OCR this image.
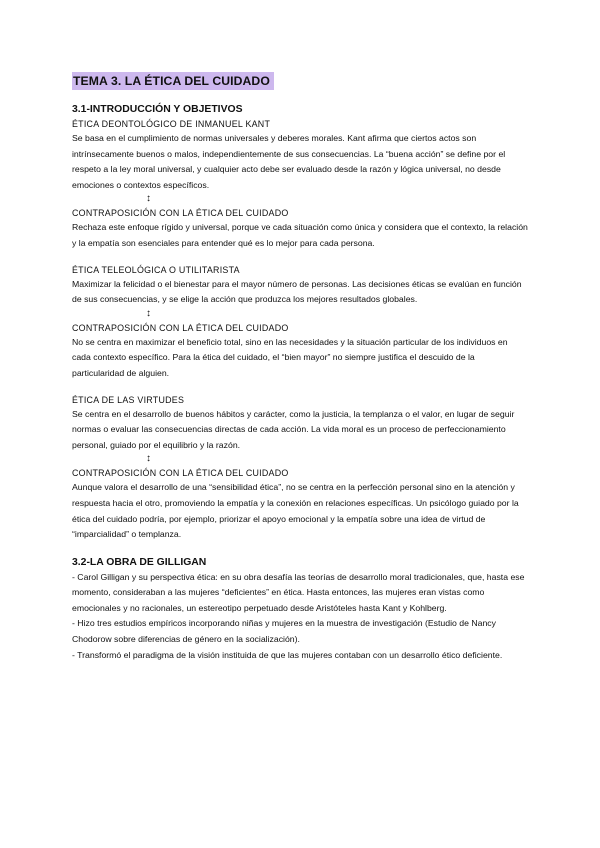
TEMA 3. LA ÉTICA DEL CUIDADO
3.1-INTRODUCCIÓN Y OBJETIVOS
ÉTICA DEONTOLÓGICO DE INMANUEL KANT
Se basa en el cumplimiento de normas universales y deberes morales. Kant afirma que ciertos actos son intrínsecamente buenos o malos, independientemente de sus consecuencias. La “buena acción” se define por el respeto a la ley moral universal, y cualquier acto debe ser evaluado desde la razón y lógica universal, no desde emociones o contextos específicos.
↕
CONTRAPOSICIÓN CON LA ÉTICA DEL CUIDADO
Rechaza este enfoque rígido y universal, porque ve cada situación como única y considera que el contexto, la relación y la empatía son esenciales para entender qué es lo mejor para cada persona.
ÉTICA TELEOLÓGICA O UTILITARISTA
Maximizar la felicidad o el bienestar para el mayor número de personas. Las decisiones éticas se evalúan en función de sus consecuencias, y se elige la acción que produzca los mejores resultados globales.
↕
CONTRAPOSICIÓN CON LA ÉTICA DEL CUIDADO
No se centra en maximizar el beneficio total, sino en las necesidades y la situación particular de los individuos en cada contexto específico. Para la ética del cuidado, el “bien mayor” no siempre justifica el descuido de la particularidad de alguien.
ÉTICA DE LAS VIRTUDES
Se centra en el desarrollo de buenos hábitos y carácter, como la justicia, la templanza o el valor, en lugar de seguir normas o evaluar las consecuencias directas de cada acción. La vida moral es un proceso de perfeccionamiento personal, guiado por el equilibrio y la razón.
↕
CONTRAPOSICIÓN CON LA ÉTICA DEL CUIDADO
Aunque valora el desarrollo de una “sensibilidad ética”, no se centra en la perfección personal sino en la atención y respuesta hacia el otro, promoviendo la empatía y la conexión en relaciones específicas. Un psicólogo guiado por la ética del cuidado podría, por ejemplo, priorizar el apoyo emocional y la empatía sobre una idea de virtud de “imparcialidad” o templanza.
3.2-LA OBRA DE GILLIGAN

- Carol Gilligan y su perspectiva ética: en su obra desafía las teorías de desarrollo moral tradicionales, que, hasta ese momento, consideraban a las mujeres “deficientes” en ética. Hasta entonces, las mujeres eran vistas como emocionales y no racionales, un estereotipo perpetuado desde Aristóteles hasta Kant y Kohlberg.

- Hizo tres estudios empíricos incorporando niñas y mujeres en la muestra de investigación (Estudio de Nancy Chodorow sobre diferencias de género en la socialización).

- Transformó el paradigma de la visión instituida de que las mujeres contaban con un desarrollo ético deficiente.
